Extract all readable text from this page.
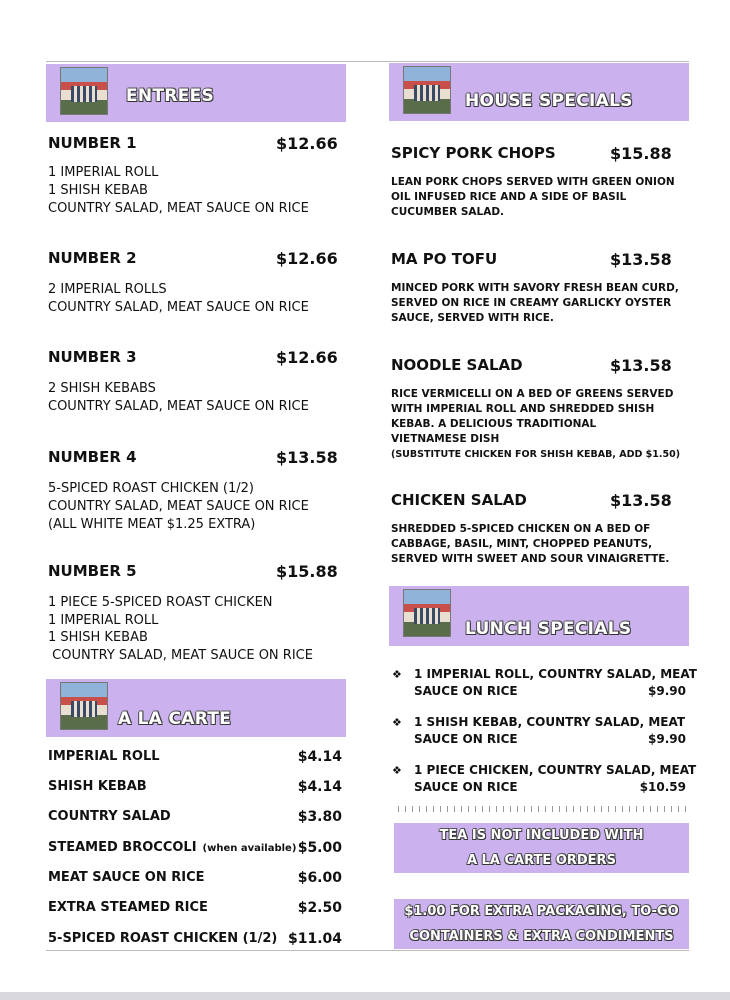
ENTREES
NUMBER 1	$12.66
1 IMPERIAL ROLL
1 SHISH KEBAB
COUNTRY SALAD, MEAT SAUCE ON RICE
NUMBER 2	$12.66
2 IMPERIAL ROLLS
COUNTRY SALAD, MEAT SAUCE ON RICE
NUMBER 3	$12.66
2 SHISH KEBABS
COUNTRY SALAD, MEAT SAUCE ON RICE
NUMBER 4	$13.58
5-SPICED ROAST CHICKEN (1/2)
COUNTRY SALAD, MEAT SAUCE ON RICE
(ALL WHITE MEAT $1.25 EXTRA)
NUMBER 5	$15.88
1 PIECE 5-SPICED ROAST CHICKEN
1 IMPERIAL ROLL
1 SHISH KEBAB
COUNTRY SALAD, MEAT SAUCE ON RICE
A LA CARTE
IMPERIAL ROLL	$4.14
SHISH KEBAB	$4.14
COUNTRY SALAD	$3.80
STEAMED BROCCOLI (when available) $5.00
MEAT SAUCE ON RICE	$6.00
EXTRA STEAMED RICE	$2.50
5-SPICED ROAST CHICKEN (1/2) $11.04
HOUSE SPECIALS
SPICY PORK CHOPS	$15.88
LEAN PORK CHOPS SERVED WITH GREEN ONION
OIL INFUSED RICE AND A SIDE OF BASIL
CUCUMBER SALAD.
MA PO TOFU	$13.58
MINCED PORK WITH SAVORY FRESH BEAN CURD,
SERVED ON RICE IN CREAMY GARLICKY OYSTER
SAUCE, SERVED WITH RICE.
NOODLE SALAD	$13.58
RICE VERMICELLI ON A BED OF GREENS SERVED
WITH IMPERIAL ROLL AND SHREDDED SHISH
KEBAB. A DELICIOUS TRADITIONAL
VIETNAMESE DISH
(SUBSTITUTE CHICKEN FOR SHISH KEBAB, ADD $1.50)
CHICKEN SALAD	$13.58
SHREDDED 5-SPICED CHICKEN ON A BED OF
CABBAGE, BASIL, MINT, CHOPPED PEANUTS,
SERVED WITH SWEET AND SOUR VINAIGRETTE.
LUNCH SPECIALS
❖ 1 IMPERIAL ROLL, COUNTRY SALAD, MEAT
SAUCE ON RICE	$9.90
❖ 1 SHISH KEBAB, COUNTRY SALAD, MEAT
SAUCE ON RICE	$9.90
❖ 1 PIECE CHICKEN, COUNTRY SALAD, MEAT
SAUCE ON RICE	$10.59
TEA IS NOT INCLUDED WITH
A LA CARTE ORDERS
$1.00 FOR EXTRA PACKAGING, TO-GO
CONTAINERS & EXTRA CONDIMENTS
